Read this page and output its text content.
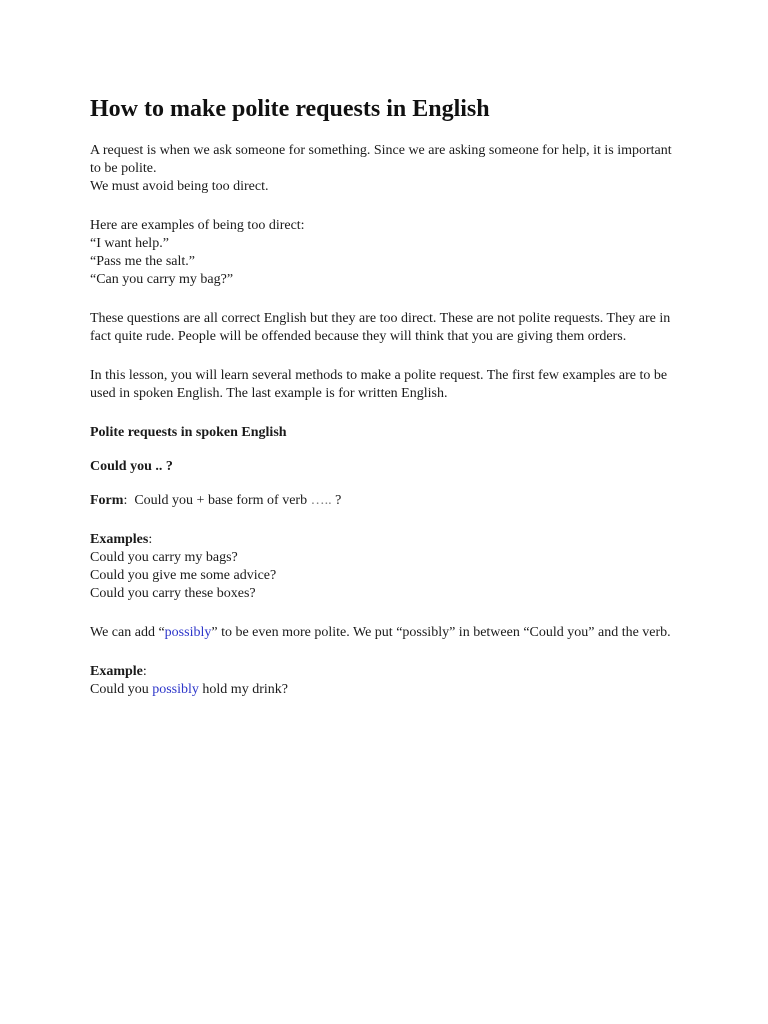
How to make polite requests in English

A request is when we ask someone for something. Since we are asking someone for help, it is important to be polite.
We must avoid being too direct.

Here are examples of being too direct:
“I want help.”
“Pass me the salt.”
“Can you carry my bag?”

These questions are all correct English but they are too direct. These are not polite requests. They are in fact quite rude. People will be offended because they will think that you are giving them orders.

In this lesson, you will learn several methods to make a polite request. The first few examples are to be used in spoken English. The last example is for written English.

Polite requests in spoken English

Could you .. ?

Form: Could you + base form of verb ….. ?

Examples:
Could you carry my bags?
Could you give me some advice?
Could you carry these boxes?

We can add “possibly” to be even more polite. We put “possibly” in between “Could you” and the verb.

Example:
Could you possibly hold my drink?
